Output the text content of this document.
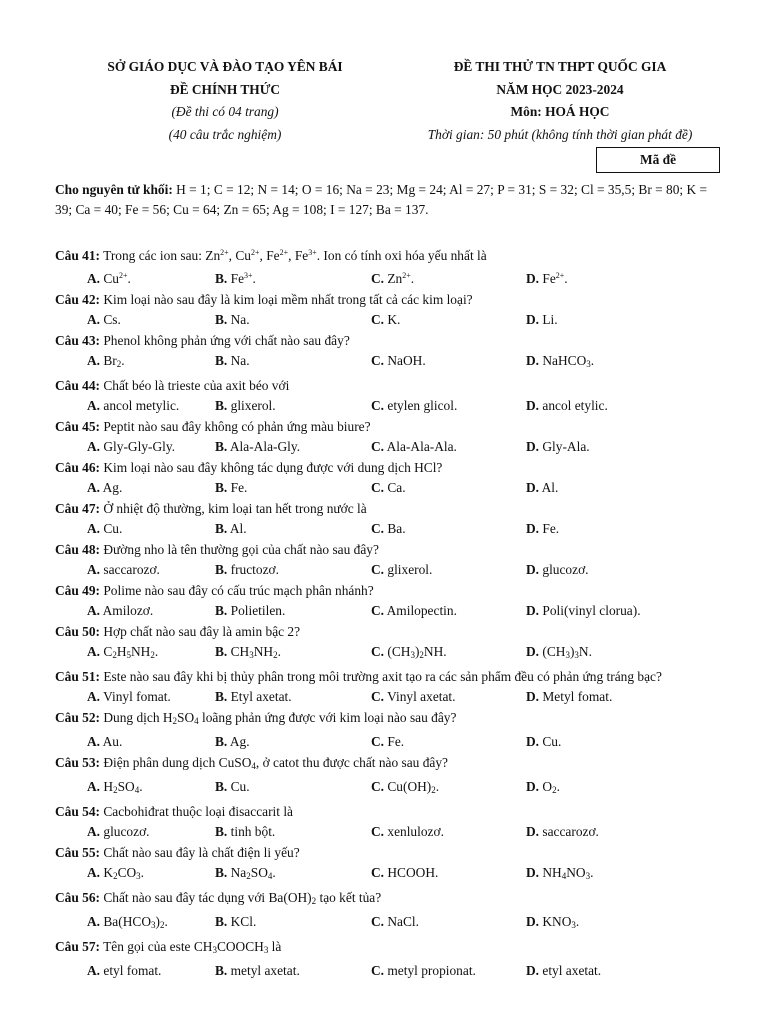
SỞ GIÁO DỤC VÀ ĐÀO TẠO YÊN BÁI
ĐỀ CHÍNH THỨC
(Đề thi có 04 trang)
(40 câu trắc nghiệm)
ĐỀ THI THỬ TN THPT QUỐC GIA
NĂM HỌC 2023-2024
Môn: HOÁ HỌC
Thời gian: 50 phút (không tính thời gian phát đề)
Mã đề
Cho nguyên tử khối: H = 1; C = 12; N = 14; O = 16; Na = 23; Mg = 24; Al = 27; P = 31; S = 32; Cl = 35,5; Br = 80; K = 39; Ca = 40; Fe = 56; Cu = 64; Zn = 65; Ag = 108; I = 127; Ba = 137.
Câu 41: Trong các ion sau: $Zn^{2+}$, $Cu^{2+}$, $Fe^{2+}$, $Fe^{3+}$. Ion có tính oxi hóa yếu nhất là
A. $Cu^{2+}$.	B. $Fe^{3+}$.	C. $Zn^{2+}$.	D. $Fe^{2+}$.
Câu 42: Kim loại nào sau đây là kim loại mềm nhất trong tất cả các kim loại?
A. Cs.	B. Na.	C. K.	D. Li.
Câu 43: Phenol không phản ứng với chất nào sau đây?
A. $Br_2$.	B. Na.	C. NaOH.	D. NaHCO$_3$.
Câu 44: Chất béo là trieste của axit béo với
A. ancol metylic.	B. glixerol.	C. etylen glicol.	D. ancol etylic.
Câu 45: Peptit nào sau đây không có phản ứng màu biure?
A. Gly-Gly-Gly.	B. Ala-Ala-Gly.	C. Ala-Ala-Ala.	D. Gly-Ala.
Câu 46: Kim loại nào sau đây không tác dụng được với dung dịch HCl?
A. Ag.	B. Fe.	C. Ca.	D. Al.
Câu 47: Ở nhiệt độ thường, kim loại tan hết trong nước là
A. Cu.	B. Al.	C. Ba.	D. Fe.
Câu 48: Đường nho là tên thường gọi của chất nào sau đây?
A. saccarozơ.	B. fructozơ.	C. glixerol.	D. glucozơ.
Câu 49: Polime nào sau đây có cấu trúc mạch phân nhánh?
A. Amilozơ.	B. Polietilen.	C. Amilopectin.	D. Poli(vinyl clorua).
Câu 50: Hợp chất nào sau đây là amin bậc 2?
A. $C_2H_5NH_2$.	B. $CH_3NH_2$.	C. $(CH_3)_2NH$.	D. $(CH_3)_3N$.
Câu 51: Este nào sau đây khi bị thủy phân trong môi trường axit tạo ra các sản phẩm đều có phản ứng tráng bạc?
A. Vinyl fomat.	B. Etyl axetat.	C. Vinyl axetat.	D. Metyl fomat.
Câu 52: Dung dịch $H_2SO_4$ loãng phản ứng được với kim loại nào sau đây?
A. Au.	B. Ag.	C. Fe.	D. Cu.
Câu 53: Điện phân dung dịch CuSO$_4$, ở catot thu được chất nào sau đây?
A. $H_2SO_4$.	B. Cu.	C. $Cu(OH)_2$.	D. $O_2$.
Câu 54: Cacbohiđrat thuộc loại đisaccarit là
A. glucozơ.	B. tinh bột.	C. xenlulozơ.	D. saccarozơ.
Câu 55: Chất nào sau đây là chất điện li yếu?
A. $K_2CO_3$.	B. $Na_2SO_4$.	C. HCOOH.	D. $NH_4NO_3$.
Câu 56: Chất nào sau đây tác dụng với $Ba(OH)_2$ tạo kết tủa?
A. $Ba(HCO_3)_2$.	B. KCl.	C. NaCl.	D. $KNO_3$.
Câu 57: Tên gọi của este $CH_3COOCH_3$ là
A. etyl fomat.	B. metyl axetat.	C. metyl propionat.	D. etyl axetat.
